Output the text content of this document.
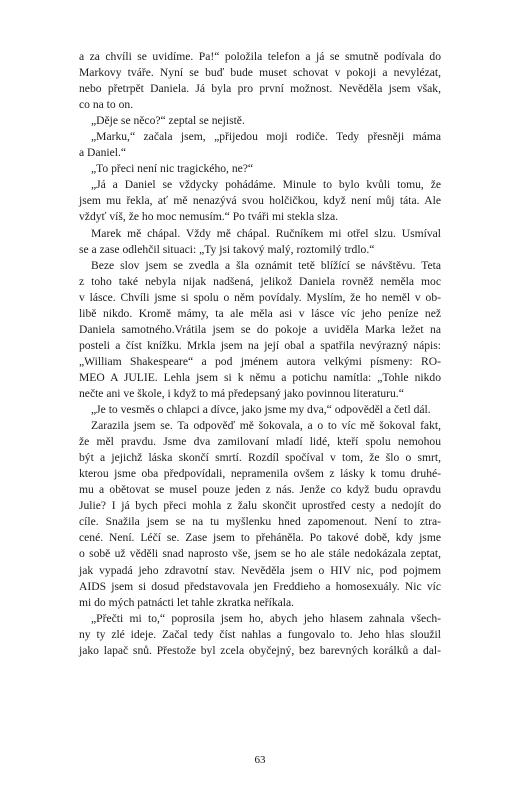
a za chvíli se uvidíme. Pa!“ položila telefon a já se smutně podívala do
Markovy tváře. Nyní se buď bude muset schovat v pokoji a nevylézat,
nebo přetrpět Daniela. Já byla pro první možnost. Nevěděla jsem však,
co na to on.
„Děje se něco?“ zeptal se nejistě.
„Marku,“ začala jsem, „přijedou moji rodiče. Tedy přesněji máma
a Daniel.“
„To přeci není nic tragického, ne?“
„Já a Daniel se vždycky pohádáme. Minule to bylo kvůli tomu, že
jsem mu řekla, ať mě nenazývá svou holčičkou, když není můj táta. Ale
vždyť víš, že ho moc nemusím.“ Po tváři mi stekla slza.
Marek mě chápal. Vždy mě chápal. Ručníkem mi otřel slzu. Usmíval
se a zase odlehčil situaci: „Ty jsi takový malý, roztomilý trdlo.“
Beze slov jsem se zvedla a šla oznámit tetě blížící se návštěvu. Teta
z toho také nebyla nijak nadšená, jelikož Daniela rovněž neměla moc
v lásce. Chvíli jsme si spolu o něm povídaly. Myslím, že ho neměl v ob-
libě nikdo. Kromě mámy, ta ale měla asi v lásce víc jeho peníze než
Daniela samotného.Vrátila jsem se do pokoje a uviděla Marka ležet na
posteli a číst knížku. Mrkla jsem na její obal a spatřila nevýrazný nápis:
„William Shakespeare“ a pod jménem autora velkými písmeny: RO-
MEO A JULIE. Lehla jsem si k němu a potichu namítla: „Tohle nikdo
nečte ani ve škole, i když to má předepsaný jako povinnou literaturu.“
„Je to vesměs o chlapci a dívce, jako jsme my dva,“ odpověděl a četl dál.
Zarazila jsem se. Ta odpověď mě šokovala, a o to víc mě šokoval fakt,
že měl pravdu. Jsme dva zamilovaní mladí lidé, kteří spolu nemohou
být a jejichž láska skončí smrtí. Rozdíl spočíval v tom, že šlo o smrt,
kterou jsme oba předpovídali, nepramenila ovšem z lásky k tomu druhé-
mu a obětovat se musel pouze jeden z nás. Jenže co když budu opravdu
Julie? I já bych přeci mohla z žalu skončit uprostřed cesty a nedojít do
cíle. Snažila jsem se na tu myšlenku hned zapomenout. Není to ztra-
cené. Není. Léčí se. Zase jsem to přeháněla. Po takové době, kdy jsme
o sobě už věděli snad naprosto vše, jsem se ho ale stále nedokázala zeptat,
jak vypadá jeho zdravotní stav. Nevěděla jsem o HIV nic, pod pojmem
AIDS jsem si dosud představovala jen Freddieho a homosexuály. Nic víc
mi do mých patnácti let tahle zkratka neříkala.
„Přečti mi to,“ poprosila jsem ho, abych jeho hlasem zahnala všech-
ny ty zlé ideje. Začal tedy číst nahlas a fungovalo to. Jeho hlas sloužil
jako lapač snů. Přestože byl zcela obyčejný, bez barevných korálků a dal-
63
